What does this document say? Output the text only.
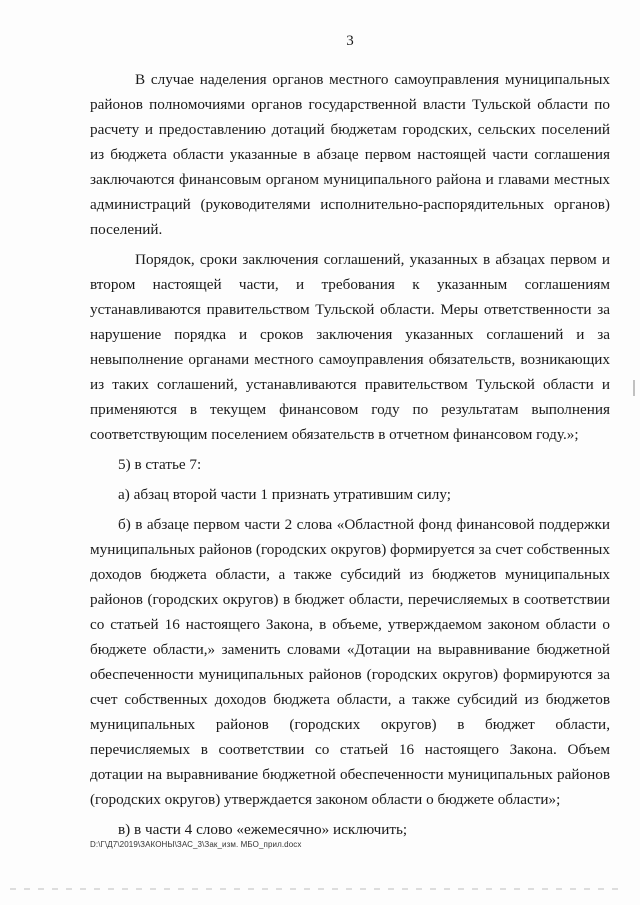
3

В случае наделения органов местного самоуправления муниципальных районов полномочиями органов государственной власти Тульской области по расчету и предоставлению дотаций бюджетам городских, сельских поселений из бюджета области указанные в абзаце первом настоящей части соглашения заключаются финансовым органом муниципального района и главами местных администраций (руководителями исполнительно-распорядительных органов) поселений.

Порядок, сроки заключения соглашений, указанных в абзацах первом и втором настоящей части, и требования к указанным соглашениям устанавливаются правительством Тульской области. Меры ответственности за нарушение порядка и сроков заключения указанных соглашений и за невыполнение органами местного самоуправления обязательств, возникающих из таких соглашений, устанавливаются правительством Тульской области и применяются в текущем финансовом году по результатам выполнения соответствующим поселением обязательств в отчетном финансовом году.»;

5) в статье 7:

а) абзац второй части 1 признать утратившим силу;

б) в абзаце первом части 2 слова «Областной фонд финансовой поддержки муниципальных районов (городских округов) формируется за счет собственных доходов бюджета области, а также субсидий из бюджетов муниципальных районов (городских округов) в бюджет области, перечисляемых в соответствии со статьей 16 настоящего Закона, в объеме, утверждаемом законом области о бюджете области,» заменить словами «Дотации на выравнивание бюджетной обеспеченности муниципальных районов (городских округов) формируются за счет собственных доходов бюджета области, а также субсидий из бюджетов муниципальных районов (городских округов) в бюджет области, перечисляемых в соответствии со статьей 16 настоящего Закона. Объем дотации на выравнивание бюджетной обеспеченности муниципальных районов (городских округов) утверждается законом области о бюджете области»;

в) в части 4 слово «ежемесячно» исключить;

D:\Г\Д7\2019\ЗАКОНЫ\ЗАС_3\Зак_изм. МБО_прил.docx
